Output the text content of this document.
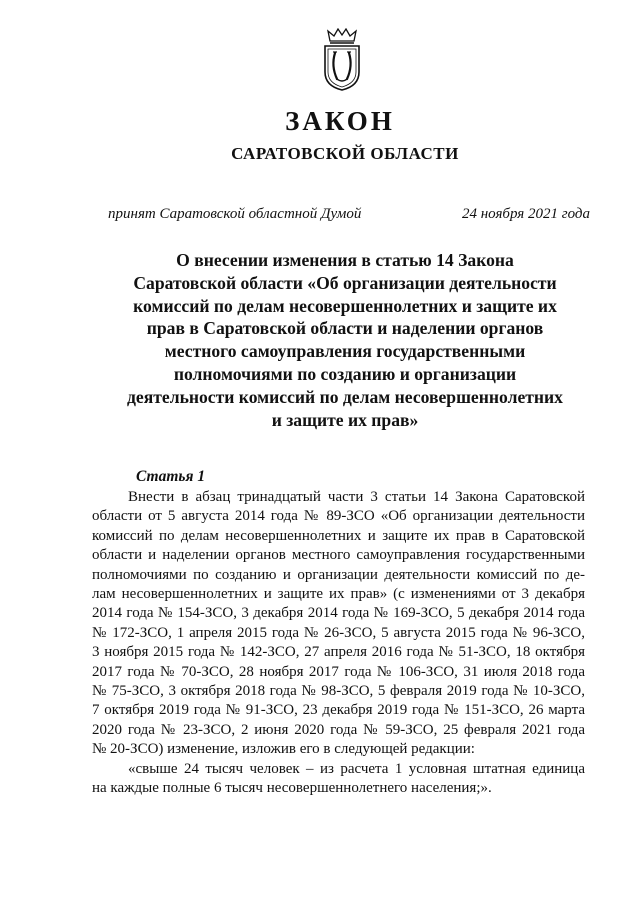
ЗАКОН
САРАТОВСКОЙ ОБЛАСТИ
принят Саратовской областной Думой	24 ноября 2021 года
О внесении изменения в статью 14 Закона
Саратовской области «Об организации деятельности
комиссий по делам несовершеннолетних и защите их
прав в Саратовской области и наделении органов
местного самоуправления государственными
полномочиями по созданию и организации
деятельности комиссий по делам несовершеннолетних
и защите их прав»
Статья 1
Внести в абзац тринадцатый части 3 статьи 14 Закона Саратовской
области от 5 августа 2014 года № 89-ЗСО «Об организации деятельности
комиссий по делам несовершеннолетних и защите их прав в Саратовской
области и наделении органов местного самоуправления государственными
полномочиями по созданию и организации деятельности комиссий по де-
лам несовершеннолетних и защите их прав» (с изменениями от 3 декабря
2014 года № 154-ЗСО, 3 декабря 2014 года № 169-ЗСО, 5 декабря 2014 года
№ 172-ЗСО, 1 апреля 2015 года № 26-ЗСО, 5 августа 2015 года № 96-ЗСО,
3 ноября 2015 года № 142-ЗСО, 27 апреля 2016 года № 51-ЗСО, 18 октября
2017 года № 70-ЗСО, 28 ноября 2017 года № 106-ЗСО, 31 июля 2018 года
№ 75-ЗСО, 3 октября 2018 года № 98-ЗСО, 5 февраля 2019 года № 10-ЗСО,
7 октября 2019 года № 91-ЗСО, 23 декабря 2019 года № 151-ЗСО, 26 марта
2020 года № 23-ЗСО, 2 июня 2020 года № 59-ЗСО, 25 февраля 2021 года
№ 20-ЗСО) изменение, изложив его в следующей редакции:
«свыше 24 тысяч человек – из расчета 1 условная штатная единица
на каждые полные 6 тысяч несовершеннолетнего населения;».
